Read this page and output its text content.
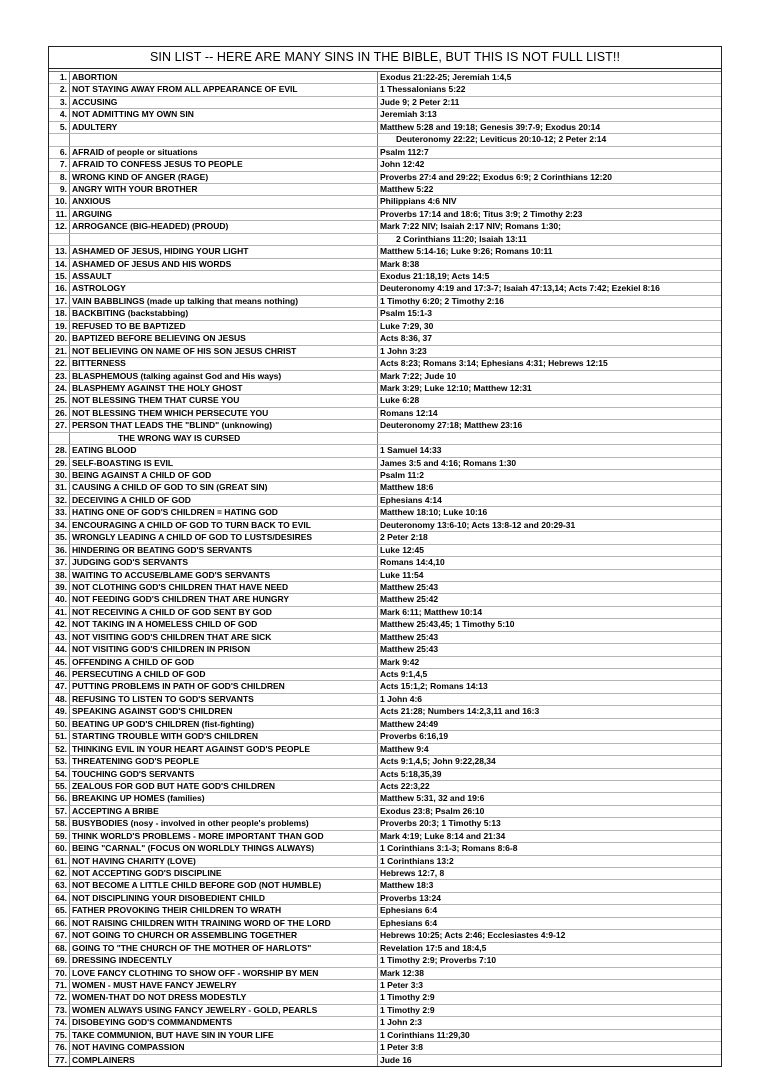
SIN LIST -- HERE ARE MANY SINS IN THE BIBLE, BUT THIS IS NOT FULL LIST!!
1.	ABORTION	Exodus 21:22-25; Jeremiah 1:4,5
2.	NOT STAYING AWAY FROM ALL APPEARANCE OF EVIL	1 Thessalonians 5:22
3.	ACCUSING	Jude 9; 2 Peter 2:11
4.	NOT ADMITTING MY OWN SIN	Jeremiah 3:13
5.	ADULTERY	Matthew 5:28 and 19:18; Genesis 39:7-9; Exodus 20:14
		Deuteronomy 22:22; Leviticus 20:10-12; 2 Peter 2:14
6.	AFRAID of people or situations	Psalm 112:7
7.	AFRAID TO CONFESS JESUS TO PEOPLE	John 12:42
8.	WRONG KIND OF ANGER (RAGE)	Proverbs 27:4 and 29:22; Exodus 6:9; 2 Corinthians 12:20
9.	ANGRY WITH YOUR BROTHER	Matthew 5:22
10.	ANXIOUS	Philippians 4:6 NIV
11.	ARGUING	Proverbs 17:14 and 18:6; Titus 3:9; 2 Timothy 2:23
12.	ARROGANCE (BIG-HEADED) (PROUD)	Mark 7:22 NIV; Isaiah 2:17 NIV; Romans 1:30;
		2 Corinthians 11:20; Isaiah 13:11
13.	ASHAMED OF JESUS, HIDING YOUR LIGHT	Matthew 5:14-16; Luke 9:26; Romans 10:11
14.	ASHAMED OF JESUS AND HIS WORDS	Mark 8:38
15.	ASSAULT	Exodus 21:18,19; Acts 14:5
16.	ASTROLOGY	Deuteronomy 4:19 and 17:3-7; Isaiah 47:13,14; Acts 7:42; Ezekiel 8:16
17.	VAIN BABBLINGS (made up talking that means nothing)	1 Timothy 6:20; 2 Timothy 2:16
18.	BACKBITING (backstabbing)	Psalm 15:1-3
19.	REFUSED TO BE BAPTIZED	Luke 7:29, 30
20.	BAPTIZED BEFORE BELIEVING ON JESUS	Acts 8:36, 37
21.	NOT BELIEVING ON NAME OF HIS SON JESUS CHRIST	1 John 3:23
22.	BITTERNESS	Acts 8:23; Romans 3:14; Ephesians 4:31; Hebrews 12:15
23.	BLASPHEMOUS (talking against God and His ways)	Mark 7:22; Jude 10
24.	BLASPHEMY AGAINST THE HOLY GHOST	Mark 3:29; Luke 12:10; Matthew 12:31
25.	NOT BLESSING THEM THAT CURSE YOU	Luke 6:28
26.	NOT BLESSING THEM WHICH PERSECUTE YOU	Romans 12:14
27.	PERSON THAT LEADS THE "BLIND" (unknowing)	Deuteronomy 27:18; Matthew 23:16
	THE WRONG WAY IS CURSED	
28.	EATING BLOOD	1 Samuel 14:33
29.	SELF-BOASTING IS EVIL	James 3:5 and 4:16; Romans 1:30
30.	BEING AGAINST A CHILD OF GOD	Psalm 11:2
31.	CAUSING A CHILD OF GOD TO SIN (GREAT SIN)	Matthew 18:6
32.	DECEIVING A CHILD OF GOD	Ephesians 4:14
33.	HATING ONE OF GOD'S CHILDREN = HATING GOD	Matthew 18:10; Luke 10:16
34.	ENCOURAGING A CHILD OF GOD TO TURN BACK TO EVIL	Deuteronomy 13:6-10; Acts 13:8-12 and 20:29-31
35.	WRONGLY LEADING A CHILD OF GOD TO LUSTS/DESIRES	2 Peter 2:18
36.	HINDERING OR BEATING GOD'S SERVANTS	Luke 12:45
37.	JUDGING GOD'S SERVANTS	Romans 14:4,10
38.	WAITING TO ACCUSE/BLAME GOD'S SERVANTS	Luke 11:54
39.	NOT CLOTHING GOD'S CHILDREN THAT HAVE NEED	Matthew 25:43
40.	NOT FEEDING GOD'S CHILDREN THAT ARE HUNGRY	Matthew 25:42
41.	NOT RECEIVING A CHILD OF GOD SENT BY GOD	Mark 6:11; Matthew 10:14
42.	NOT TAKING IN A HOMELESS CHILD OF GOD	Matthew 25:43,45; 1 Timothy 5:10
43.	NOT VISITING GOD'S CHILDREN THAT ARE SICK	Matthew 25:43
44.	NOT VISITING GOD'S CHILDREN IN PRISON	Matthew 25:43
45.	OFFENDING A CHILD OF GOD	Mark 9:42
46.	PERSECUTING A CHILD OF GOD	Acts 9:1,4,5
47.	PUTTING PROBLEMS IN PATH OF GOD'S CHILDREN	Acts 15:1,2; Romans 14:13
48.	REFUSING TO LISTEN TO GOD'S SERVANTS	1 John 4:6
49.	SPEAKING AGAINST GOD'S CHILDREN	Acts 21:28; Numbers 14:2,3,11 and 16:3
50.	BEATING UP GOD'S CHILDREN (fist-fighting)	Matthew 24:49
51.	STARTING TROUBLE WITH GOD'S CHILDREN	Proverbs 6:16,19
52.	THINKING EVIL IN YOUR HEART AGAINST GOD'S PEOPLE	Matthew 9:4
53.	THREATENING GOD'S PEOPLE	Acts 9:1,4,5; John 9:22,28,34
54.	TOUCHING GOD'S SERVANTS	Acts 5:18,35,39
55.	ZEALOUS FOR GOD BUT HATE GOD'S CHILDREN	Acts 22:3,22
56.	BREAKING UP HOMES (families)	Matthew 5:31, 32 and 19:6
57.	ACCEPTING A BRIBE	Exodus 23:8; Psalm 26:10
58.	BUSYBODIES (nosy - involved in other people's problems)	Proverbs 20:3; 1 Timothy 5:13
59.	THINK WORLD'S PROBLEMS - MORE IMPORTANT THAN GOD	Mark 4:19; Luke 8:14 and 21:34
60.	BEING "CARNAL" (FOCUS ON WORLDLY THINGS ALWAYS)	1 Corinthians 3:1-3; Romans 8:6-8
61.	NOT HAVING CHARITY (LOVE)	1 Corinthians 13:2
62.	NOT ACCEPTING GOD'S DISCIPLINE	Hebrews 12:7, 8
63.	NOT BECOME A LITTLE CHILD BEFORE GOD (NOT HUMBLE)	Matthew 18:3
64.	NOT DISCIPLINING YOUR DISOBEDIENT CHILD	Proverbs 13:24
65.	FATHER PROVOKING THEIR CHILDREN TO WRATH	Ephesians 6:4
66.	NOT RAISING CHILDREN WITH TRAINING WORD OF THE LORD	Ephesians 6:4
67.	NOT GOING TO CHURCH OR ASSEMBLING TOGETHER	Hebrews 10:25; Acts 2:46; Ecclesiastes 4:9-12
68.	GOING TO "THE CHURCH OF THE MOTHER OF HARLOTS"	Revelation 17:5 and 18:4,5
69.	DRESSING INDECENTLY	1 Timothy 2:9; Proverbs 7:10
70.	LOVE FANCY CLOTHING TO SHOW OFF - WORSHIP BY MEN	Mark 12:38
71.	WOMEN - MUST HAVE FANCY JEWELRY	1 Peter 3:3
72.	WOMEN-THAT DO NOT DRESS MODESTLY	1 Timothy 2:9
73.	WOMEN ALWAYS USING FANCY JEWELRY - GOLD, PEARLS	1 Timothy 2:9
74.	DISOBEYING GOD'S COMMANDMENTS	1 John 2:3
75.	TAKE COMMUNION, BUT HAVE SIN IN YOUR LIFE	1 Corinthians 11:29,30
76.	NOT HAVING COMPASSION	1 Peter 3:8
77.	COMPLAINERS	Jude 16
